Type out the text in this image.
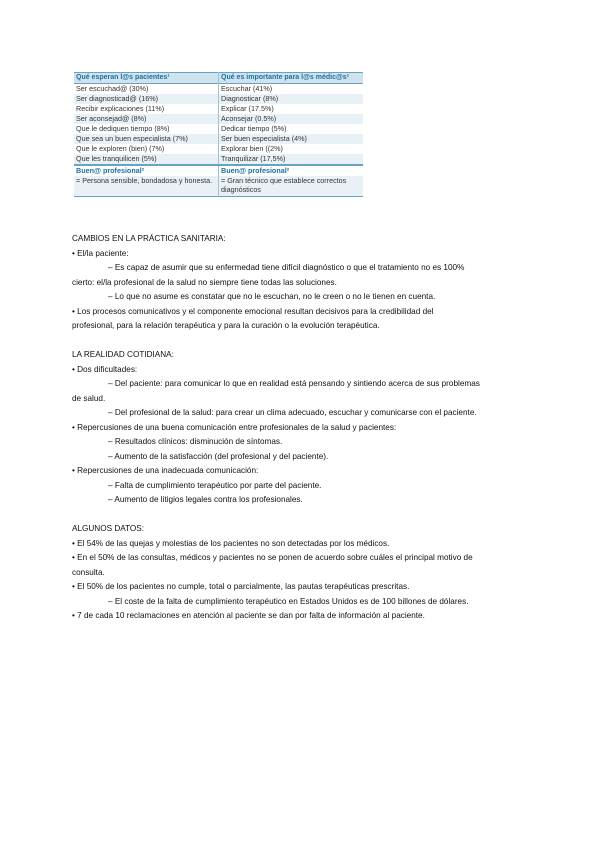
Qué esperan l@s pacientes¹	Qué es importante para l@s médic@s¹
Ser escuchad@ (30%)	Escuchar (41%)
Ser diagnosticad@ (16%)	Diagnosticar (8%)
Recibir explicaciones (11%)	Explicar (17.5%)
Ser aconsejad@ (8%)	Aconsejar (0.5%)
Que le dediquen tiempo (8%)	Dedicar tiempo (5%)
Que sea un buen especialista (7%)	Ser buen especialista (4%)
Que le exploren (bien) (7%)	Explorar bien ((2%)
Que les tranquilicen (5%)	Tranquilizar (17,5%)
Buen@ profesional²	Buen@ profesional²
= Persona sensible, bondadosa y honesta.	= Gran técnico que establece correctos diagnósticos

CAMBIOS EN LA PRÁCTICA SANITARIA:

• El/la paciente:

– Es capaz de asumir que su enfermedad tiene difícil diagnóstico o que el tratamiento no es 100%

cierto: el/la profesional de la salud no siempre tiene todas las soluciones.

– Lo que no asume es constatar que no le escuchan, no le creen o no le tienen en cuenta.

• Los procesos comunicativos y el componente emocional resultan decisivos para la credibilidad del

profesional, para la relación terapéutica y para la curación o la evolución terapéutica.

LA REALIDAD COTIDIANA:

• Dos dificultades:

– Del paciente: para comunicar lo que en realidad está pensando y sintiendo acerca de sus problemas

de salud.

– Del profesional de la salud: para crear un clima adecuado, escuchar y comunicarse con el paciente.

• Repercusiones de una buena comunicación entre profesionales de la salud y pacientes:

– Resultados clínicos: disminución de síntomas.

– Aumento de la satisfacción (del profesional y del paciente).

• Repercusiones de una inadecuada comunicación:

– Falta de cumplimiento terapéutico por parte del paciente.

– Aumento de litigios legales contra los profesionales.

ALGUNOS DATOS:

• El 54% de las quejas y molestias de los pacientes no son detectadas por los médicos.

• En el 50% de las consultas, médicos y pacientes no se ponen de acuerdo sobre cuáles el principal motivo de

consulta.

• El 50% de los pacientes no cumple, total o parcialmente, las pautas terapéuticas prescritas.

– El coste de la falta de cumplimiento terapéutico en Estados Unidos es de 100 billones de dólares.

• 7 de cada 10 reclamaciones en atención al paciente se dan por falta de información al paciente.
